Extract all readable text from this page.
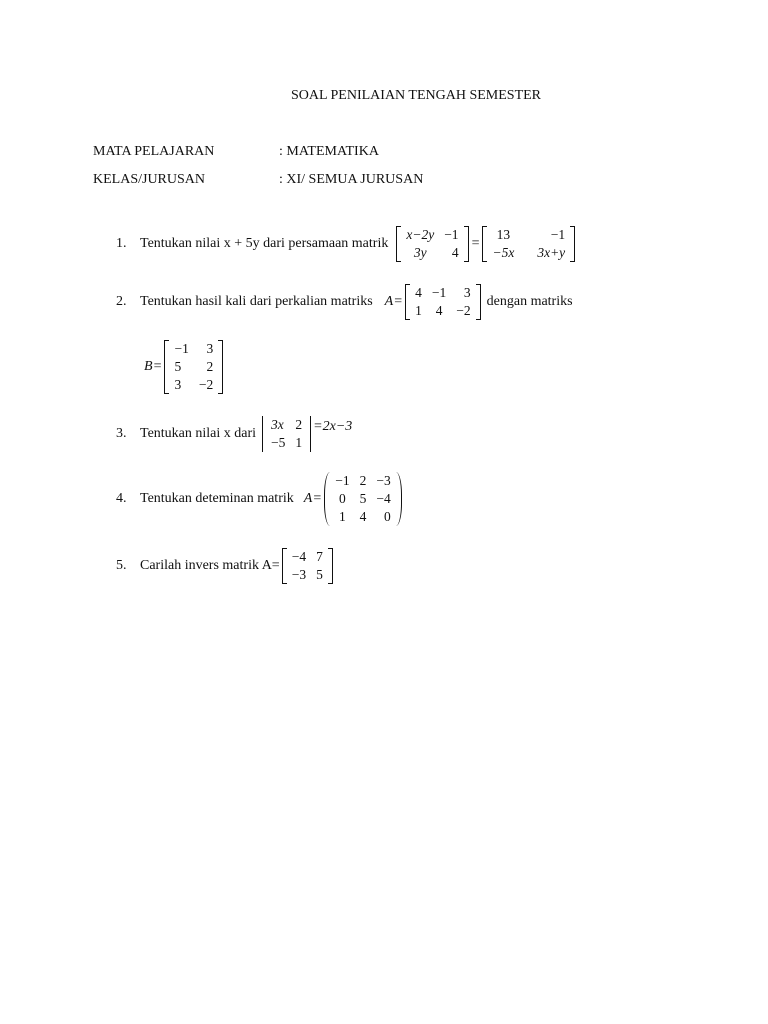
SOAL PENILAIAN TENGAH SEMESTER
MATA PELAJARAN	: MATEMATIKA
KELAS/JURUSAN	: XI/ SEMUA JURUSAN
1. Tentukan nilai x + 5y dari persamaan matrik
x−2y	−1
3y	4
=
13	−1
−5x	3x+y
2. Tentukan hasil kali dari perkalian matriks A =
4	−1	3
1	4	−2
dengan matriks
B =
−1	3
5	2
3	−2
3. Tentukan nilai x dari
3x	2
−5	1
=2x−3
4. Tentukan deteminan matrik A =
−1	2	−3
0	5	−4
1	4	0
5. Carilah invers matrik A=
−4	7
−3	5
